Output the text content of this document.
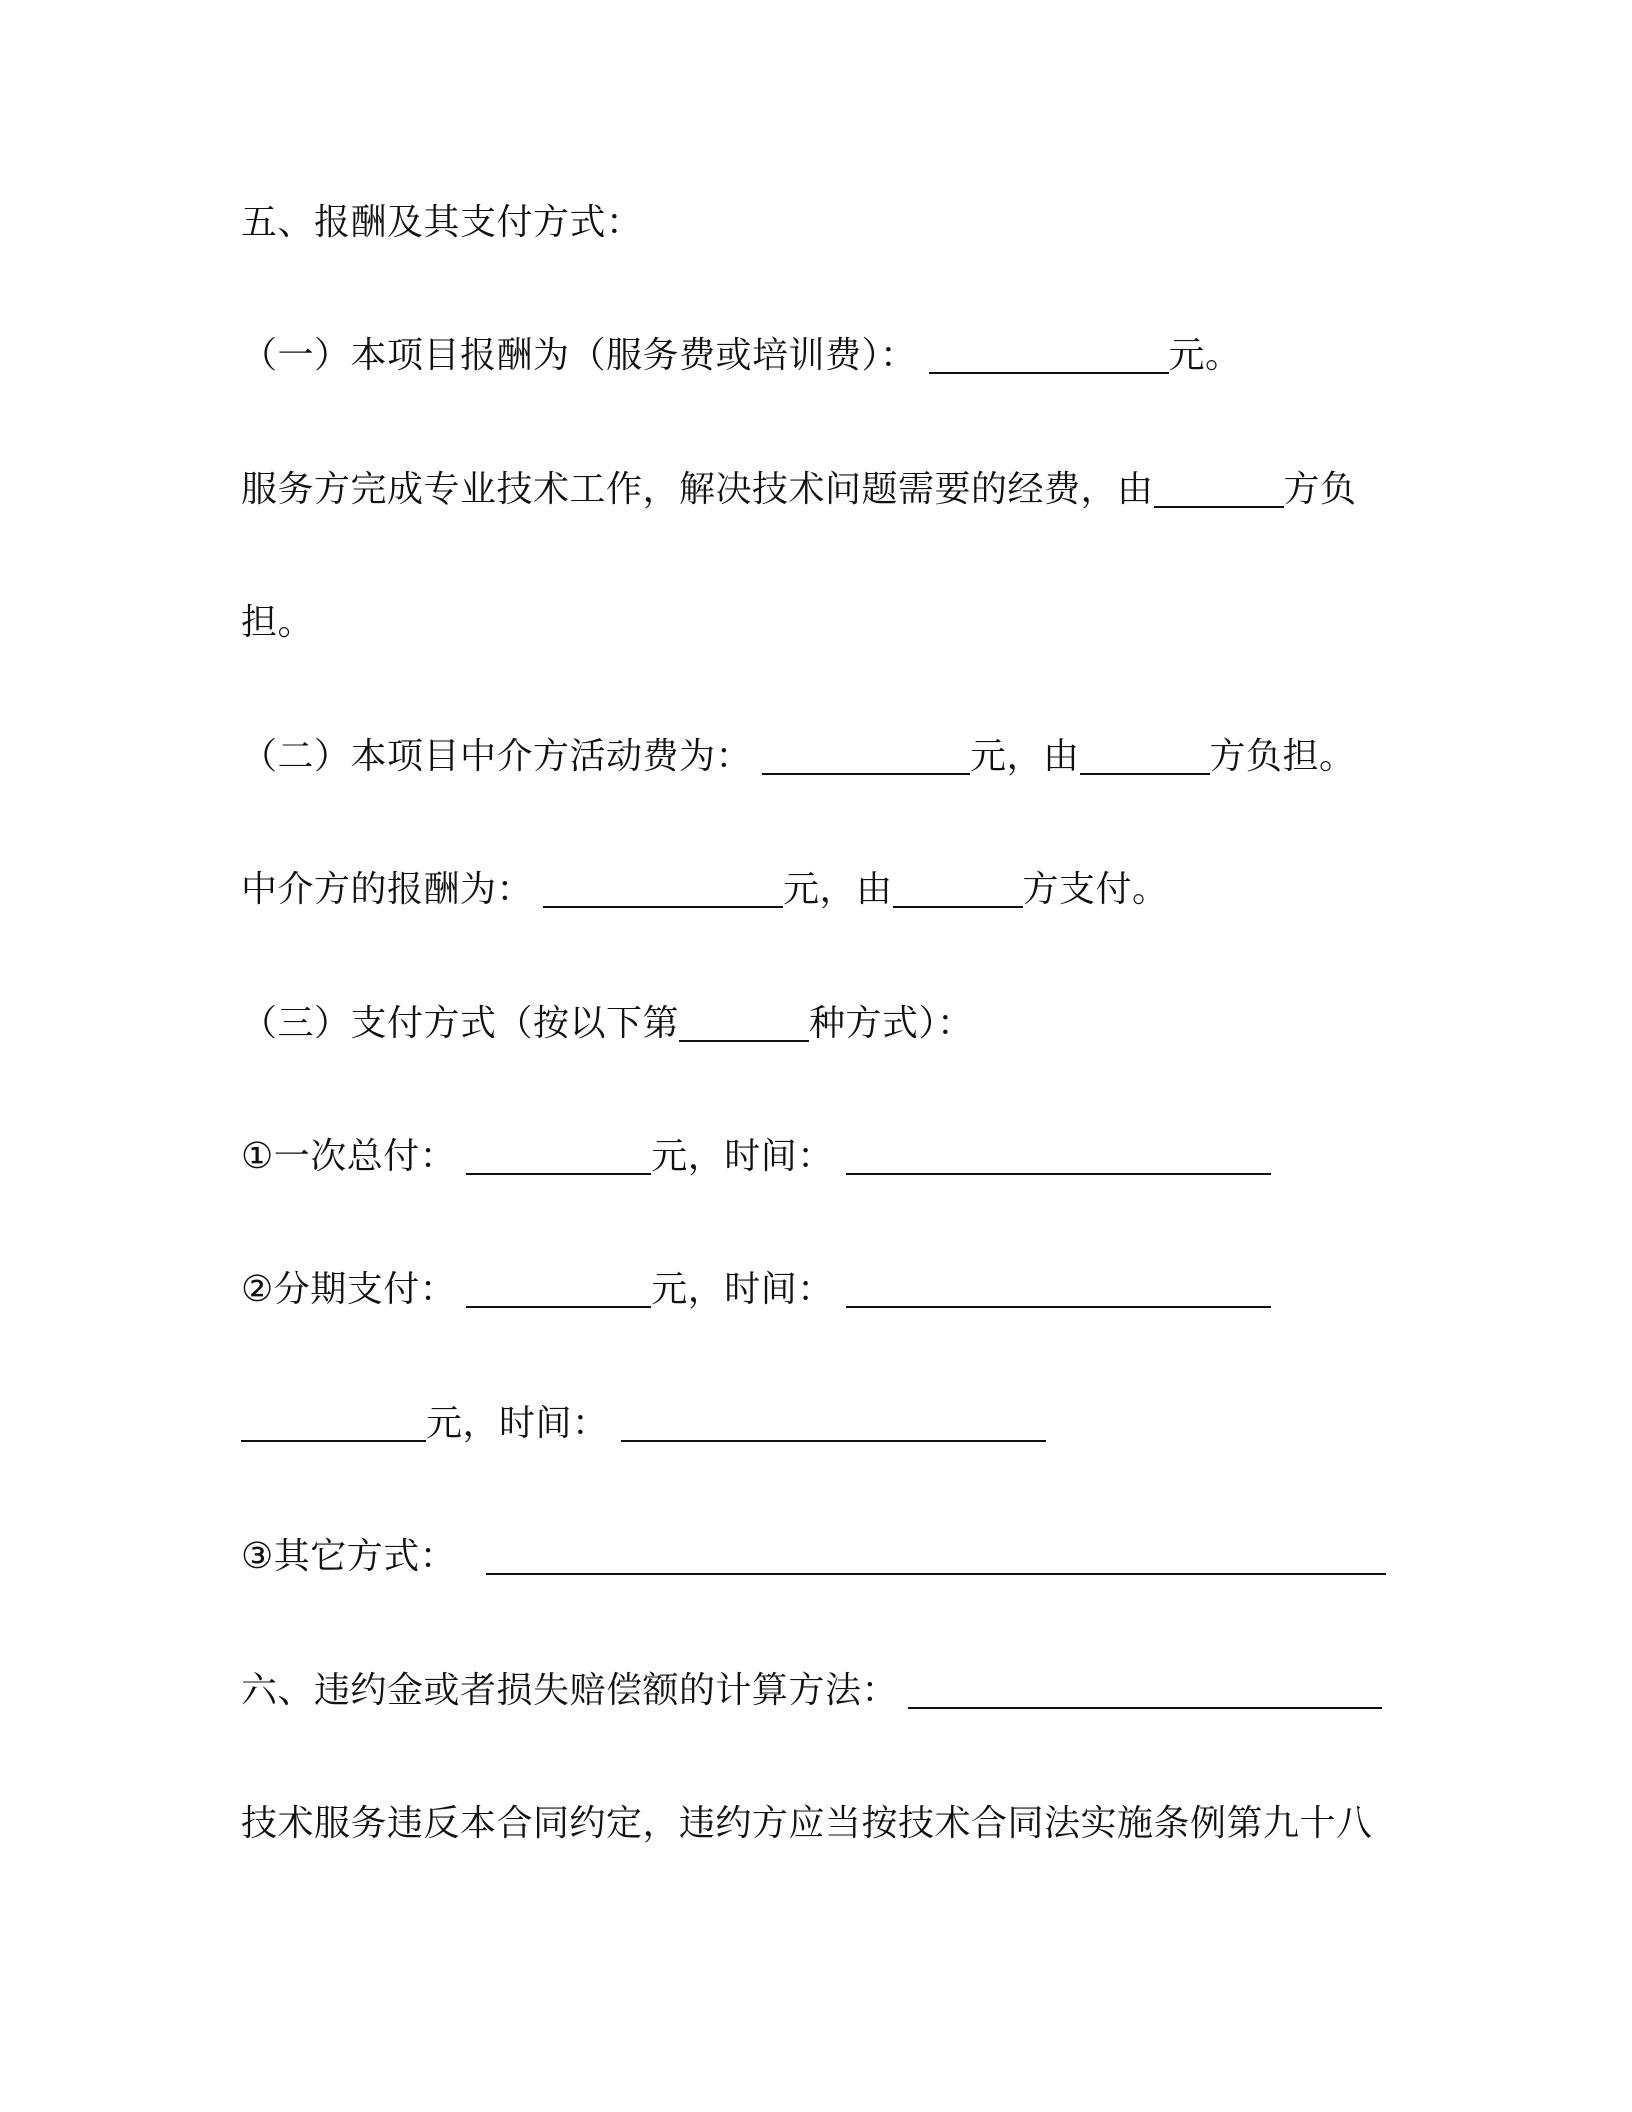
五、报酬及其支付方式：
（一）本项目报酬为（服务费或培训费）：	元。
服务方完成专业技术工作，解决技术问题需要的经费，由	方负
担。
（二）本项目中介方活动费为：	元，由	方负担。
中介方的报酬为：	元，由	方支付。
（三）支付方式（按以下第	种方式）：
①一次总付：	元，时间：
②分期支付：	元，时间：
元，时间：
③其它方式：
六、违约金或者损失赔偿额的计算方法：
技术服务违反本合同约定，违约方应当按技术合同法实施条例第九十八
